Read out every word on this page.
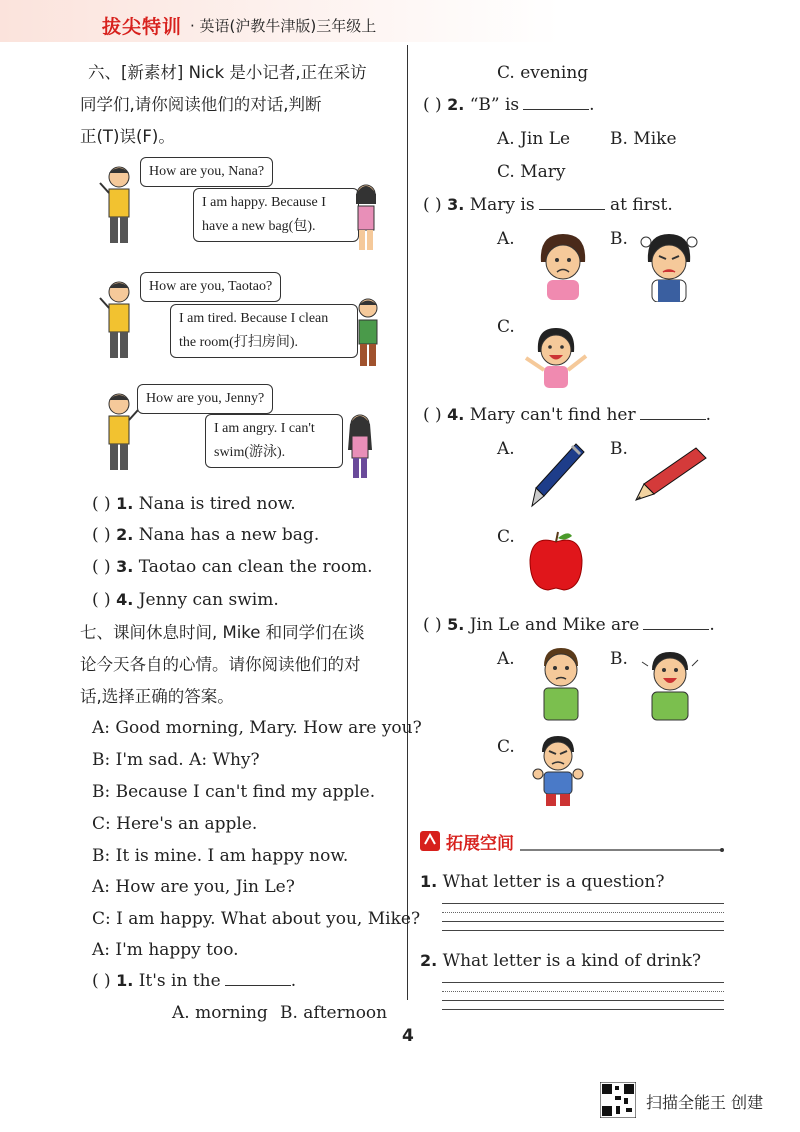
拔尖特训 · 英语(沪教牛津版)三年级上
六、[新素材] Nick 是小记者,正在采访
同学们,请你阅读他们的对话,判断
正(T)误(F)。
How are you, Nana?
I am happy. Because I
have a new bag(包).
How are you, Taotao?
I am tired. Because I clean
the room(打扫房间).
How are you, Jenny?
I am angry. I can't
swim(游泳).
( ) 1. Nana is tired now.
( ) 2. Nana has a new bag.
( ) 3. Taotao can clean the room.
( ) 4. Jenny can swim.
七、课间休息时间, Mike 和同学们在谈
论今天各自的心情。请你阅读他们的对
话,选择正确的答案。
A: Good morning, Mary. How are you?
B: I'm sad. A: Why?
B: Because I can't find my apple.
C: Here's an apple.
B: It is mine. I am happy now.
A: How are you, Jin Le?
C: I am happy. What about you, Mike?
A: I'm happy too.
( ) 1. It's in the	.
A. morning B. afternoon
C. evening
( ) 2. “B” is	.
A. Jin Le B. Mike
C. Mary
( ) 3. Mary is	at first.
A.	B.
C.
( ) 4. Mary can't find her	.
A.	B.
C.
( ) 5. Jin Le and Mike are	.
A.	B.
C.
拓展空间
1. What letter is a question?
2. What letter is a kind of drink?
4
扫描全能王 创建
